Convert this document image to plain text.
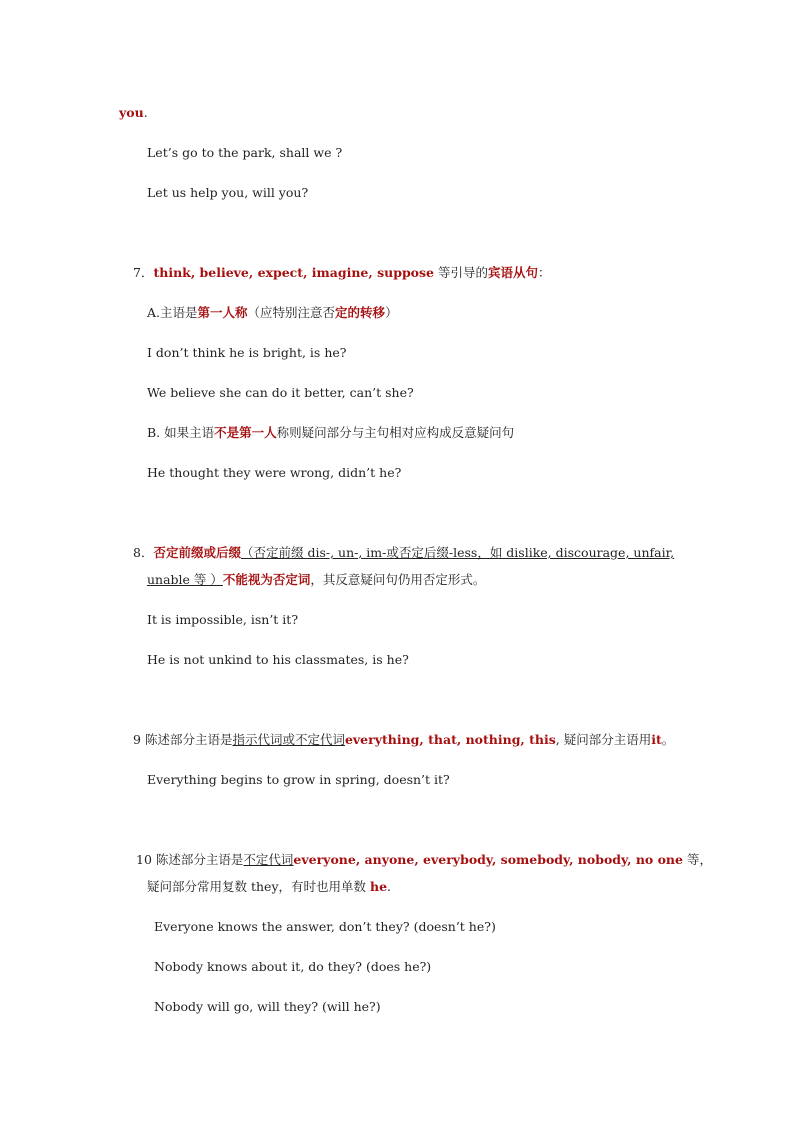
you.
Let’s go to the park, shall we ?
Let us help you, will you?
7．think, believe, expect, imagine, suppose 等引导的宾语从句：
A.主语是第一人称（应特别注意否定的转移）
I don’t think he is bright, is he?
We believe she can do it better, can’t she?
B. 如果主语不是第一人称则疑问部分与主句相对应构成反意疑问句
He thought they were wrong, didn’t he?
8．否定前缀或后缀（否定前缀 dis-, un-, im-或否定后缀-less，如 dislike, discourage, unfair,
unable 等 ）不能视为否定词，其反意疑问句仍用否定形式。
It is impossible, isn’t it?
He is not unkind to his classmates, is he?
9 陈述部分主语是指示代词或不定代词everything, that, nothing, this, 疑问部分主语用it。
Everything begins to grow in spring, doesn’t it?
10 陈述部分主语是不定代词everyone, anyone, everybody, somebody, nobody, no one 等，
疑问部分常用复数 they，有时也用单数 he.
Everyone knows the answer, don’t they? (doesn’t he?)
Nobody knows about it, do they? (does he?)
Nobody will go, will they? (will he?)
